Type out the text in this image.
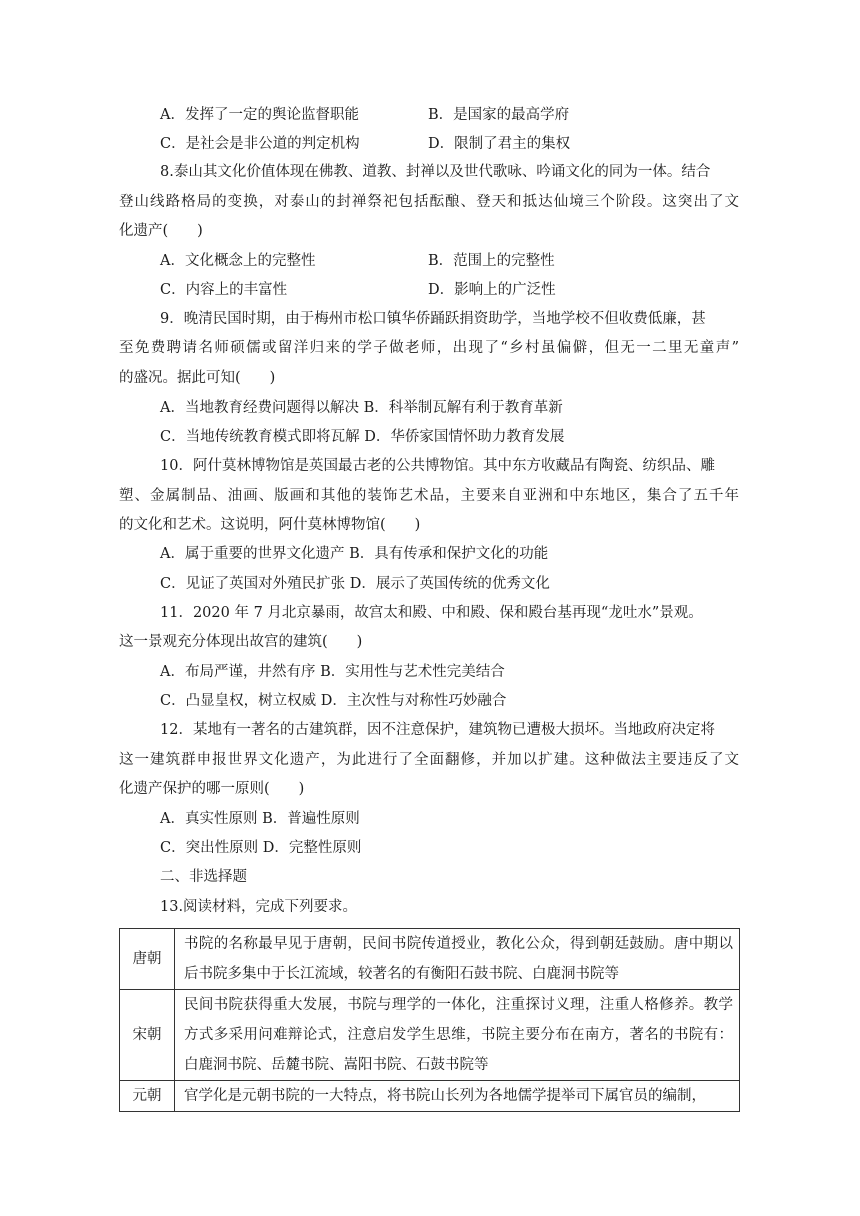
A．发挥了一定的舆论监督职能	B．是国家的最高学府
C．是社会是非公道的判定机构	D．限制了君主的集权
8.泰山其文化价值体现在佛教、道教、封禅以及世代歌咏、吟诵文化的同为一体。结合
登山线路格局的变换，对泰山的封禅祭祀包括酝酿、登天和抵达仙境三个阶段。这突出了文
化遗产(　　)
A．文化概念上的完整性	B．范围上的完整性
C．内容上的丰富性	D．影响上的广泛性
9．晚清民国时期，由于梅州市松口镇华侨踊跃捐资助学，当地学校不但收费低廉，甚
至免费聘请名师硕儒或留洋归来的学子做老师，出现了“乡村虽偏僻，但无一二里无童声”
的盛况。据此可知(　　)
A．当地教育经费问题得以解决 B．科举制瓦解有利于教育革新
C．当地传统教育模式即将瓦解 D．华侨家国情怀助力教育发展
10．阿什莫林博物馆是英国最古老的公共博物馆。其中东方收藏品有陶瓷、纺织品、雕
塑、金属制品、油画、版画和其他的装饰艺术品，主要来自亚洲和中东地区，集合了五千年
的文化和艺术。这说明，阿什莫林博物馆(　　)
A．属于重要的世界文化遗产 B．具有传承和保护文化的功能
C．见证了英国对外殖民扩张 D．展示了英国传统的优秀文化
11．2020 年 7 月北京暴雨，故宫太和殿、中和殿、保和殿台基再现“龙吐水”景观。
这一景观充分体现出故宫的建筑(　　)
A．布局严谨，井然有序 B．实用性与艺术性完美结合
C．凸显皇权，树立权威 D．主次性与对称性巧妙融合
12．某地有一著名的古建筑群，因不注意保护，建筑物已遭极大损坏。当地政府决定将
这一建筑群申报世界文化遗产，为此进行了全面翻修，并加以扩建。这种做法主要违反了文
化遗产保护的哪一原则(　　)
A．真实性原则 B．普遍性原则
C．突出性原则 D．完整性原则
二、非选择题
13.阅读材料，完成下列要求。
唐朝	书院的名称最早见于唐朝，民间书院传道授业，教化公众，得到朝廷鼓励。唐中期以后书院多集中于长江流域，较著名的有衡阳石鼓书院、白鹿洞书院等
宋朝	民间书院获得重大发展，书院与理学的一体化，注重探讨义理，注重人格修养。教学方式多采用问难辩论式，注意启发学生思维，书院主要分布在南方，著名的书院有：白鹿洞书院、岳麓书院、嵩阳书院、石鼓书院等
元朝	官学化是元朝书院的一大特点，将书院山长列为各地儒学提举司下属官员的编制，
